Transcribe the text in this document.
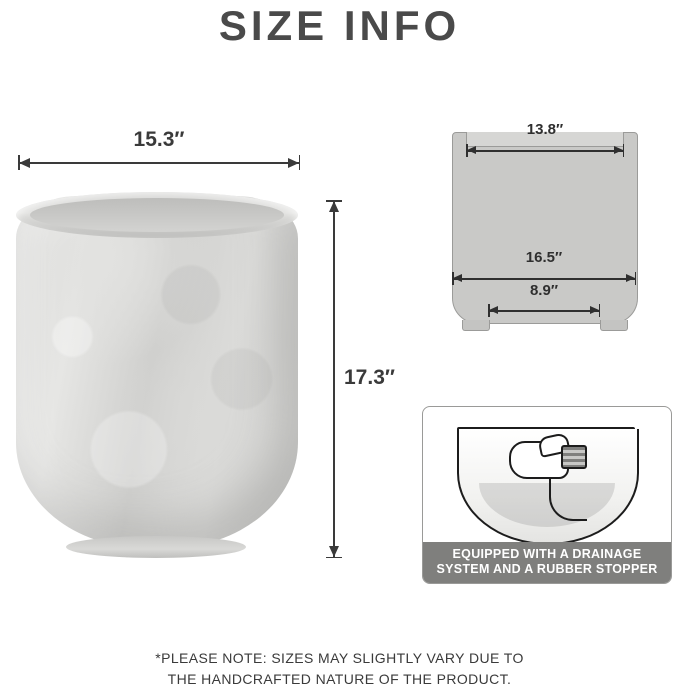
SIZE INFO
15.3″
17.3″
13.8″
16.5″
8.9″
EQUIPPED WITH A DRAINAGE
SYSTEM AND A RUBBER STOPPER
*PLEASE NOTE: SIZES MAY SLIGHTLY VARY DUE TO
THE HANDCRAFTED NATURE OF THE PRODUCT.
